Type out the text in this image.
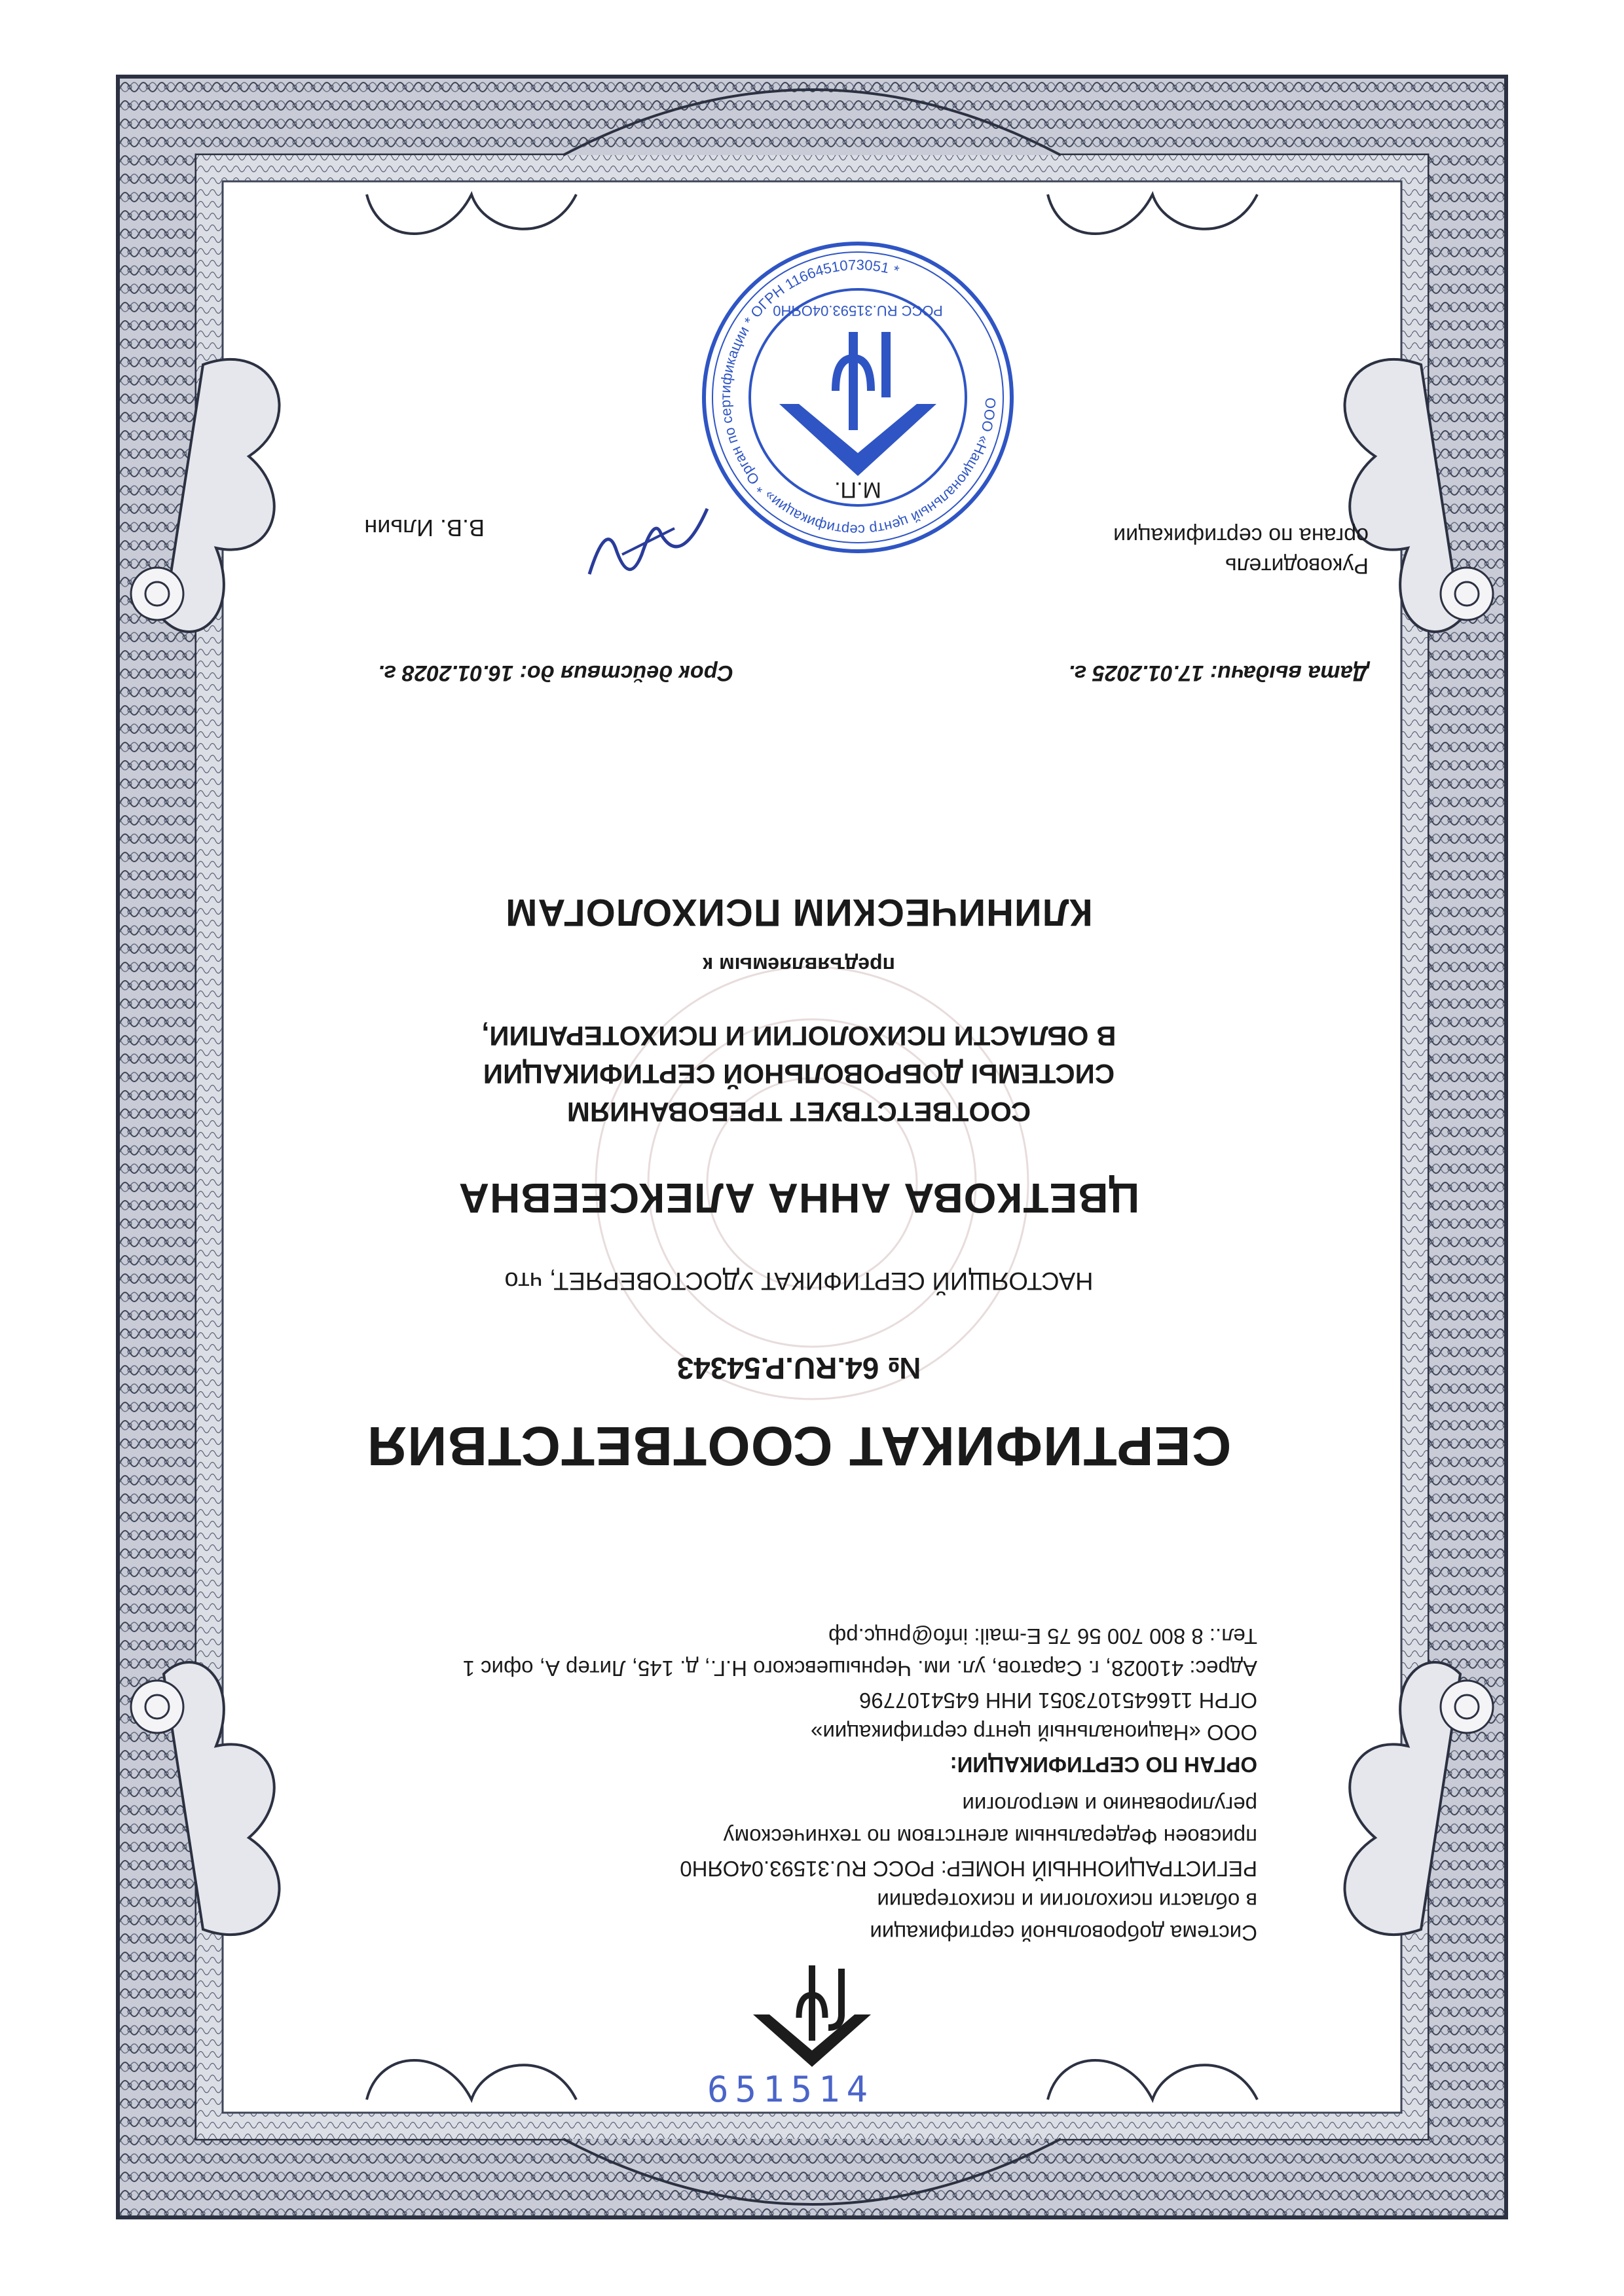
Система добровольной сертификации
в области психологии и психотерапии
РЕГИСТРАЦИОННЫЙ НОМЕР: РОСС RU.31593.04ОЯН0
присвоен Федеральным агентством по техническому
регулированию и метрологии
ОРГАН ПО СЕРТИФИКАЦИИ:
ООО «Национальный центр сертификации»
ОГРН 1166451073051 ИНН 6454107796
Адрес: 410028, г. Саратов, ул. им. Чернышевского Н.Г., д. 145, Литер А, офис 1
Тел.: 8 800 700 56 75 E-mail: info@рнцс.рф
СЕРТИФИКАТ СООТВЕТСТВИЯ
№ 64.RU.P.54343
НАСТОЯЩИЙ СЕРТИФИКАТ УДОСТОВЕРЯЕТ, что
ЦВЕТКОВА АННА АЛЕКСЕЕВНА
СООТВЕТСТВУЕТ ТРЕБОВАНИЯМ
СИСТЕМЫ ДОБРОВОЛЬНОЙ СЕРТИФИКАЦИИ
В ОБЛАСТИ ПСИХОЛОГИИ И ПСИХОТЕРАПИИ,
предъявляемым к
КЛИНИЧЕСКИМ ПСИХОЛОГАМ
Дата выдачи: 17.01.2025 г.
Срок действия до: 16.01.2028 г.
Руководитель
органа по сертификации
В.В. Ильин
ООО «Национальный центр сертификации» * Орган по сертификации * ОГРН 1166451073051 *
РОСС RU.31593.04ОЯН0
М.П.
651514
